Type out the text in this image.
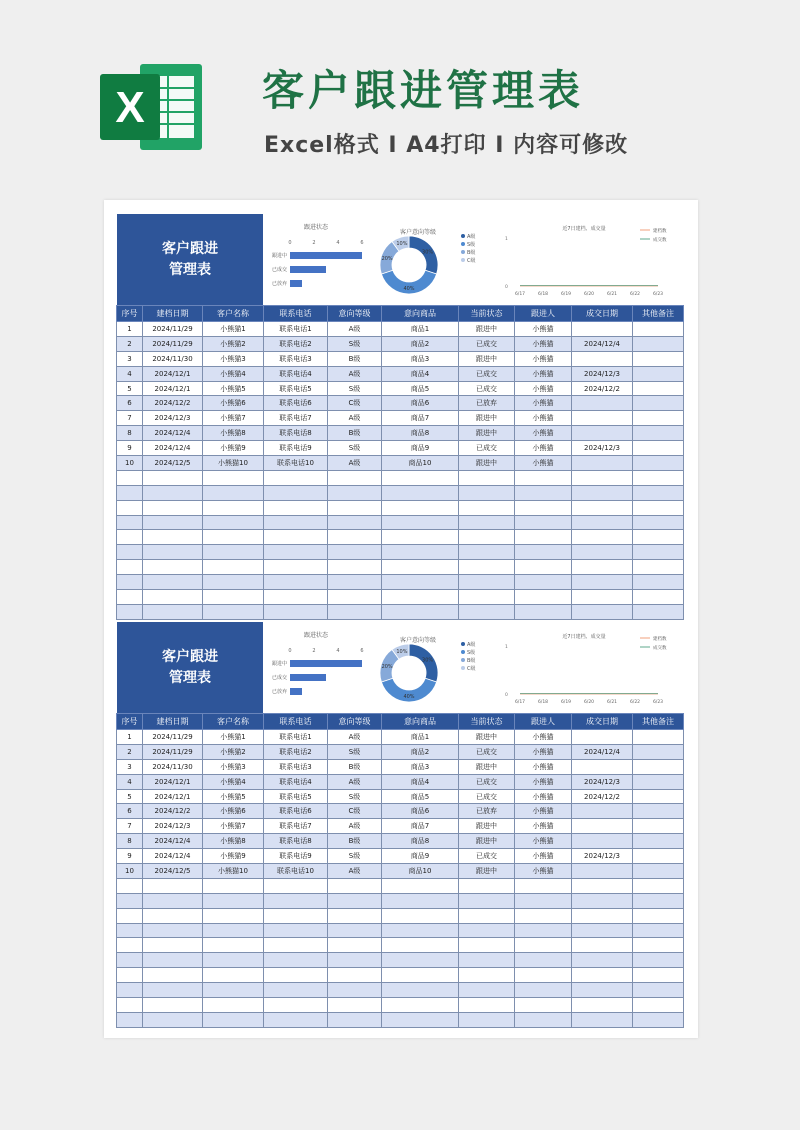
X	客户跟进管理表
Excel格式 Ⅰ A4打印 Ⅰ 内容可修改
客户跟进
管理表
跟进状态
0	2	4	6
跟进中
已成交
已放弃
客户意向等级
30%
40%
20%
10%
A级
S级
B级
C级
近7日建档、成交量	建档数
成交数
1
0
6/17	6/18	6/19	6/20	6/21	6/22	6/23
序号	建档日期	客户名称	联系电话	意向等级	意向商品	当前状态	跟进人	成交日期	其他备注
1	2024/11/29	小熊猫1	联系电话1	A级	商品1	跟进中	小熊猫		
2	2024/11/29	小熊猫2	联系电话2	S级	商品2	已成交	小熊猫	2024/12/4	
3	2024/11/30	小熊猫3	联系电话3	B级	商品3	跟进中	小熊猫		
4	2024/12/1	小熊猫4	联系电话4	A级	商品4	已成交	小熊猫	2024/12/3	
5	2024/12/1	小熊猫5	联系电话5	S级	商品5	已成交	小熊猫	2024/12/2	
6	2024/12/2	小熊猫6	联系电话6	C级	商品6	已放弃	小熊猫		
7	2024/12/3	小熊猫7	联系电话7	A级	商品7	跟进中	小熊猫		
8	2024/12/4	小熊猫8	联系电话8	B级	商品8	跟进中	小熊猫		
9	2024/12/4	小熊猫9	联系电话9	S级	商品9	已成交	小熊猫	2024/12/3	
10	2024/12/5	小熊猫10	联系电话10	A级	商品10	跟进中	小熊猫		

客户跟进
管理表
跟进状态
0	2	4	6
跟进中
已成交
已放弃
客户意向等级
30%
40%
20%
10%
A级
S级
B级
C级
近7日建档、成交量	建档数
成交数
1
0
6/17	6/18	6/19	6/20	6/21	6/22	6/23
序号	建档日期	客户名称	联系电话	意向等级	意向商品	当前状态	跟进人	成交日期	其他备注
1	2024/11/29	小熊猫1	联系电话1	A级	商品1	跟进中	小熊猫		
2	2024/11/29	小熊猫2	联系电话2	S级	商品2	已成交	小熊猫	2024/12/4	
3	2024/11/30	小熊猫3	联系电话3	B级	商品3	跟进中	小熊猫		
4	2024/12/1	小熊猫4	联系电话4	A级	商品4	已成交	小熊猫	2024/12/3	
5	2024/12/1	小熊猫5	联系电话5	S级	商品5	已成交	小熊猫	2024/12/2	
6	2024/12/2	小熊猫6	联系电话6	C级	商品6	已放弃	小熊猫		
7	2024/12/3	小熊猫7	联系电话7	A级	商品7	跟进中	小熊猫		
8	2024/12/4	小熊猫8	联系电话8	B级	商品8	跟进中	小熊猫		
9	2024/12/4	小熊猫9	联系电话9	S级	商品9	已成交	小熊猫	2024/12/3	
10	2024/12/5	小熊猫10	联系电话10	A级	商品10	跟进中	小熊猫		
